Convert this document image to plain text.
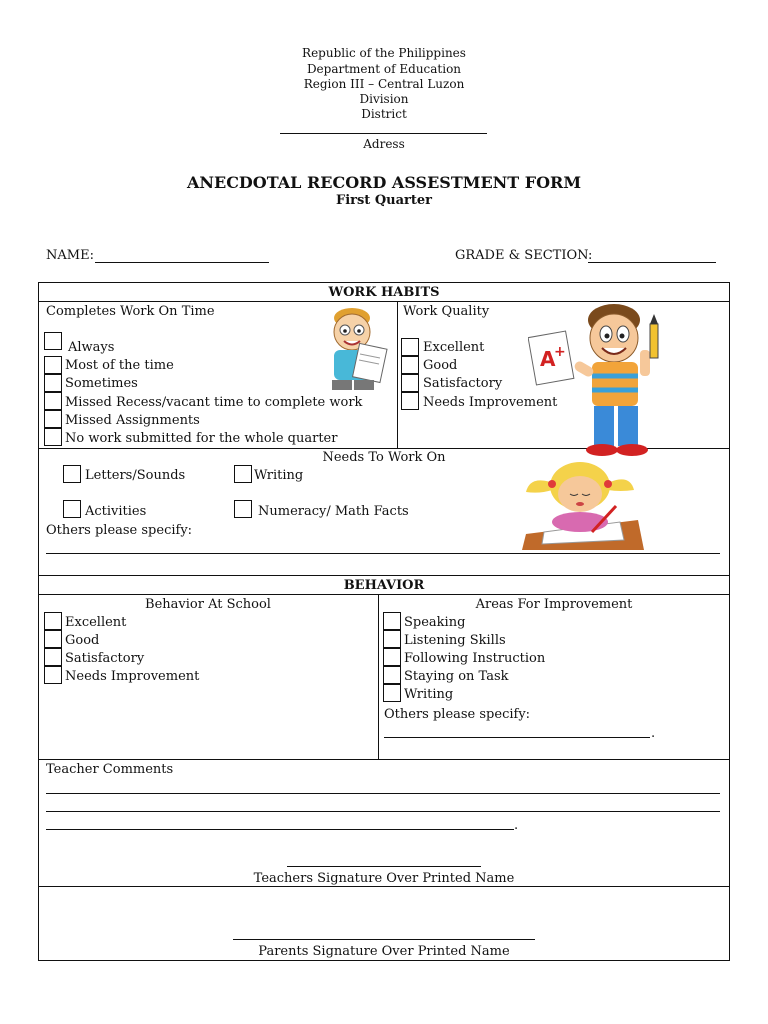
Republic of the Philippines
Department of Education
Region III – Central Luzon
Division
District
Adress
ANECDOTAL RECORD ASSESTMENT FORM
First Quarter
NAME:	GRADE & SECTION:
WORK HABITS
Completes Work On Time
Always
Most of the time
Sometimes
Missed Recess/vacant time to complete work
Missed Assignments
No work submitted for the whole quarter
Work Quality
Excellent
Good
Satisfactory
Needs Improvement
A
+
Needs To Work On
Letters/Sounds	Writing
Activities	Numeracy/ Math Facts
Others please specify:
BEHAVIOR
Behavior At School
Excellent
Good
Satisfactory
Needs Improvement
Areas For Improvement
Speaking
Listening Skills
Following Instruction
Staying on Task
Writing
Others please specify:
.
Teacher Comments
.
Teachers Signature Over Printed Name
Parents Signature Over Printed Name
